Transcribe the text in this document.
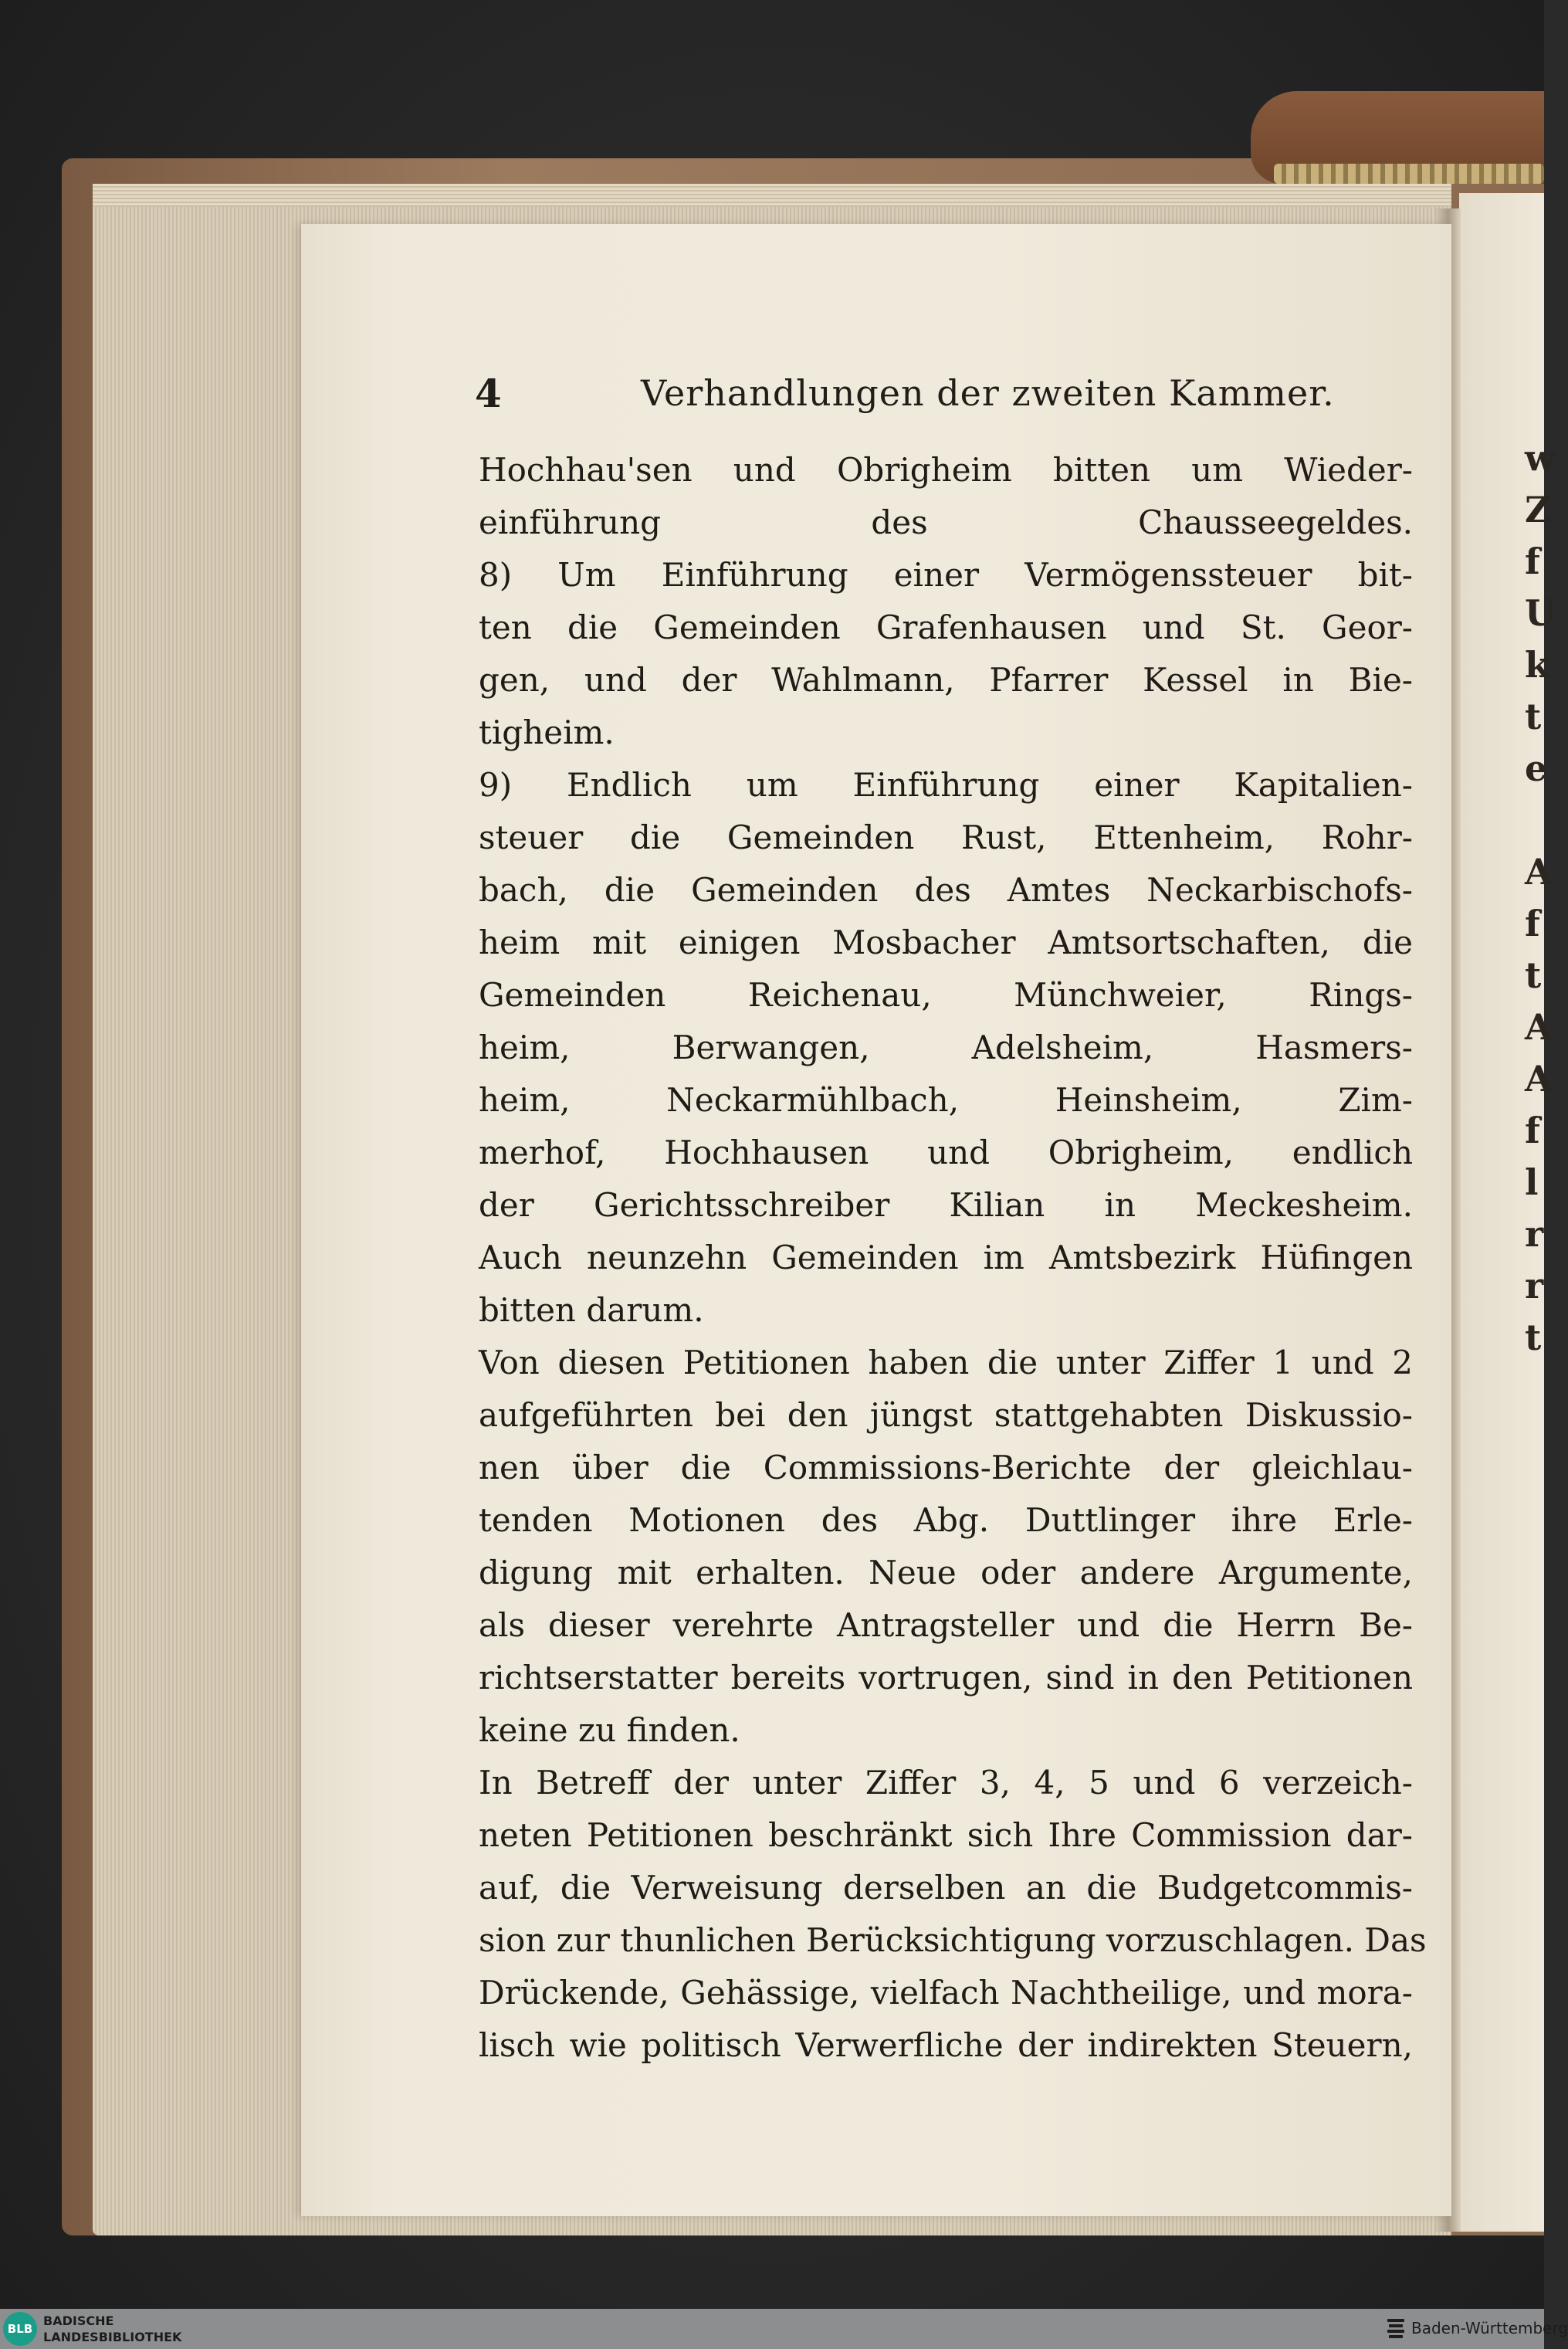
w
Z
f
U
k
t
e
A
f
t
A
A
f
l
r
r
t
4	Verhandlungen der zweiten Kammer.
Hochhau'sen und Obrigheim bitten um Wieder-
einführung des Chausseegeldes.
8) Um Einführung einer Vermögenssteuer bit-
ten die Gemeinden Grafenhausen und St. Geor-
gen, und der Wahlmann, Pfarrer Kessel in Bie-
tigheim.
9) Endlich um Einführung einer Kapitalien-
steuer die Gemeinden Rust, Ettenheim, Rohr-
bach, die Gemeinden des Amtes Neckarbischofs-
heim mit einigen Mosbacher Amtsortschaften, die
Gemeinden Reichenau, Münchweier, Rings-
heim, Berwangen, Adelsheim, Hasmers-
heim, Neckarmühlbach, Heinsheim, Zim-
merhof, Hochhausen und Obrigheim, endlich
der Gerichtsschreiber Kilian in Meckesheim.
Auch neunzehn Gemeinden im Amtsbezirk Hüfingen
bitten darum.
Von diesen Petitionen haben die unter Ziffer 1 und 2
aufgeführten bei den jüngst stattgehabten Diskussio-
nen über die Commissions-Berichte der gleichlau-
tenden Motionen des Abg. Duttlinger ihre Erle-
digung mit erhalten. Neue oder andere Argumente,
als dieser verehrte Antragsteller und die Herrn Be-
richtserstatter bereits vortrugen, sind in den Petitionen
keine zu finden.
In Betreff der unter Ziffer 3, 4, 5 und 6 verzeich-
neten Petitionen beschränkt sich Ihre Commission dar-
auf, die Verweisung derselben an die Budgetcommis-
sion zur thunlichen Berücksichtigung vorzuschlagen. Das
Drückende, Gehässige, vielfach Nachtheilige, und mora-
lisch wie politisch Verwerfliche der indirekten Steuern,
BLB
BADISCHE
LANDESBIBLIOTHEK	Baden-Württemberg
